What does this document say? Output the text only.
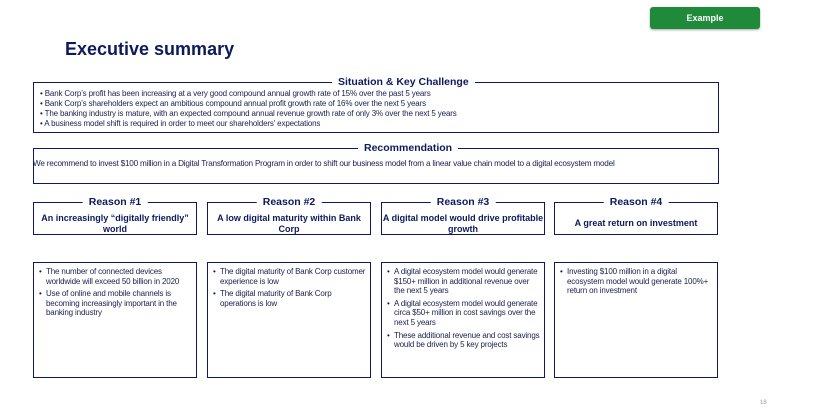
Example
Executive summary
Situation & Key Challenge
• Bank Corp’s profit has been increasing at a very good compound annual growth rate of 15% over the past 5 years
• Bank Corp’s shareholders expect an ambitious compound annual profit growth rate of 16% over the next 5 years
• The banking industry is mature, with an expected compound annual revenue growth rate of only 3% over the next 5 years
• A business model shift is required in order to meet our shareholders’ expectations
Recommendation
We recommend to invest $100 million in a Digital Transformation Program in order to shift our business model from a linear value chain model to a digital ecosystem model
Reason #1
An increasingly “digitally friendly” world
• The number of connected devices worldwide will exceed 50 billion in 2020
• Use of online and mobile channels is becoming increasingly important in the banking industry
Reason #2
A low digital maturity within Bank Corp
• The digital maturity of Bank Corp customer experience is low
• The digital maturity of Bank Corp operations is low
Reason #3
A digital model would drive profitable growth
• A digital ecosystem model would generate $150+ million in additional revenue over the next 5 years
• A digital ecosystem model would generate circa $50+ million in cost savings over the next 5 years
• These additional revenue and cost savings would be driven by 5 key projects
Reason #4
A great return on investment
• Investing $100 million in a digital ecosystem model would generate 100%+ return on investment
18
